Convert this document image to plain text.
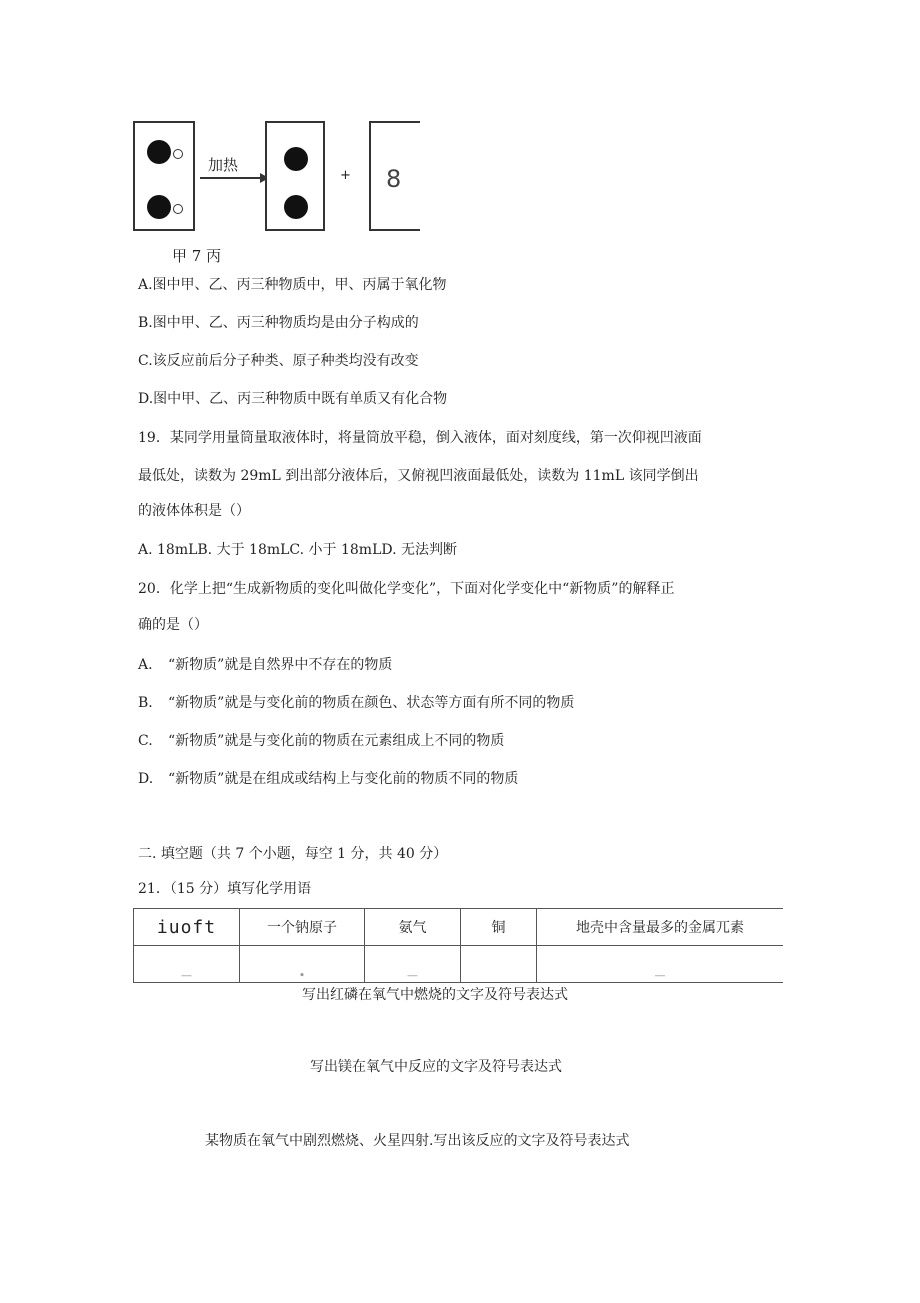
加热
+ 8
甲 7 丙
A.图中甲、乙、丙三种物质中，甲、丙属于氧化物
B.图中甲、乙、丙三种物质均是由分子构成的
C.该反应前后分子种类、原子种类均没有改变
D.图中甲、乙、丙三种物质中既有单质又有化合物
19．某同学用量筒量取液体时，将量筒放平稳，倒入液体，面对刻度线，第一次仰视凹液面
最低处，读数为 29mL 到出部分液体后，又俯视凹液面最低处，读数为 11mL 该同学倒出
的液体体积是（）
A. 18mLB. 大于 18mLC. 小于 18mLD. 无法判断
20．化学上把“生成新物质的变化叫做化学变化”，下面对化学变化中“新物质”的解释正
确的是（）
A. “新物质”就是自然界中不存在的物质
B. “新物质”就是与变化前的物质在颜色、状态等方面有所不同的物质
C. “新物质”就是与变化前的物质在元素组成上不同的物质
D. “新物质”就是在组成或结构上与变化前的物质不同的物质
二. 填空题（共 7 个小题，每空 1 分，共 40 分）
21．（15 分）填写化学用语
iuoft	一个钠原子	氨气	铜	地壳中含量最多的金属兀素
—	•	—		—
写出红磷在氧气中燃烧的文字及符号表达式
写出镁在氧气中反应的文字及符号表达式
某物质在氧气中剧烈燃烧、火星四射.写出该反应的文字及符号表达式
